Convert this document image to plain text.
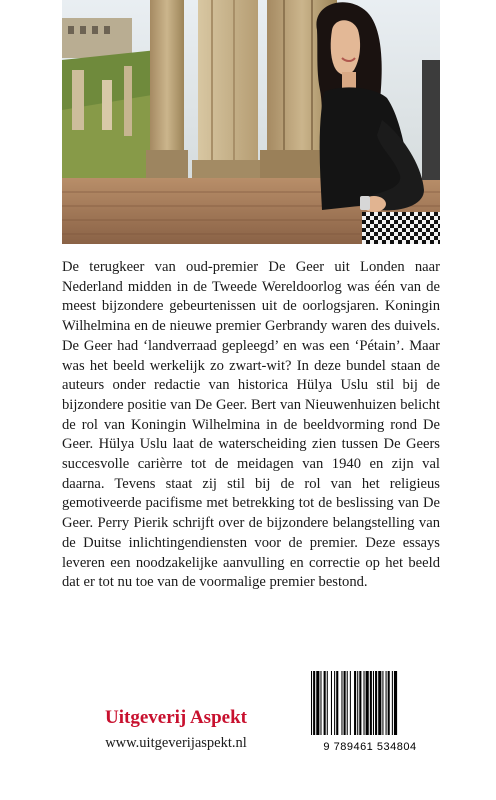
De terugkeer van oud-premier De Geer uit Londen naar Nederland midden in de Tweede Wereldoorlog was één van de meest bijzondere gebeurtenissen uit de oorlogsjaren. Koningin Wilhelmina en de nieuwe premier Gerbrandy waren des duivels. De Geer had ‘landverraad gepleegd’ en was een ‘Pétain’. Maar was het beeld werkelijk zo zwart-wit? In deze bundel staan de auteurs onder redactie van historica Hülya Uslu stil bij de bijzondere positie van De Geer. Bert van Nieuwenhuizen belicht de rol van Koningin Wilhelmina in de beeldvorming rond De Geer. Hülya Uslu laat de waterscheiding zien tussen De Geers succesvolle carièrre tot de meidagen van 1940 en zijn val daarna. Tevens staat zij stil bij de rol van het religieus gemotiveerde pacifisme met betrekking tot de beslissing van De Geer. Perry Pierik schrijft over de bijzondere belangstelling van de Duitse inlichtingendiensten voor de premier. Deze essays leveren een noodzakelijke aanvulling en correctie op het beeld dat er tot nu toe van de voormalige premier bestond.

Uitgeverij Aspekt
www.uitgeverijaspekt.nl	9 789461 534804
